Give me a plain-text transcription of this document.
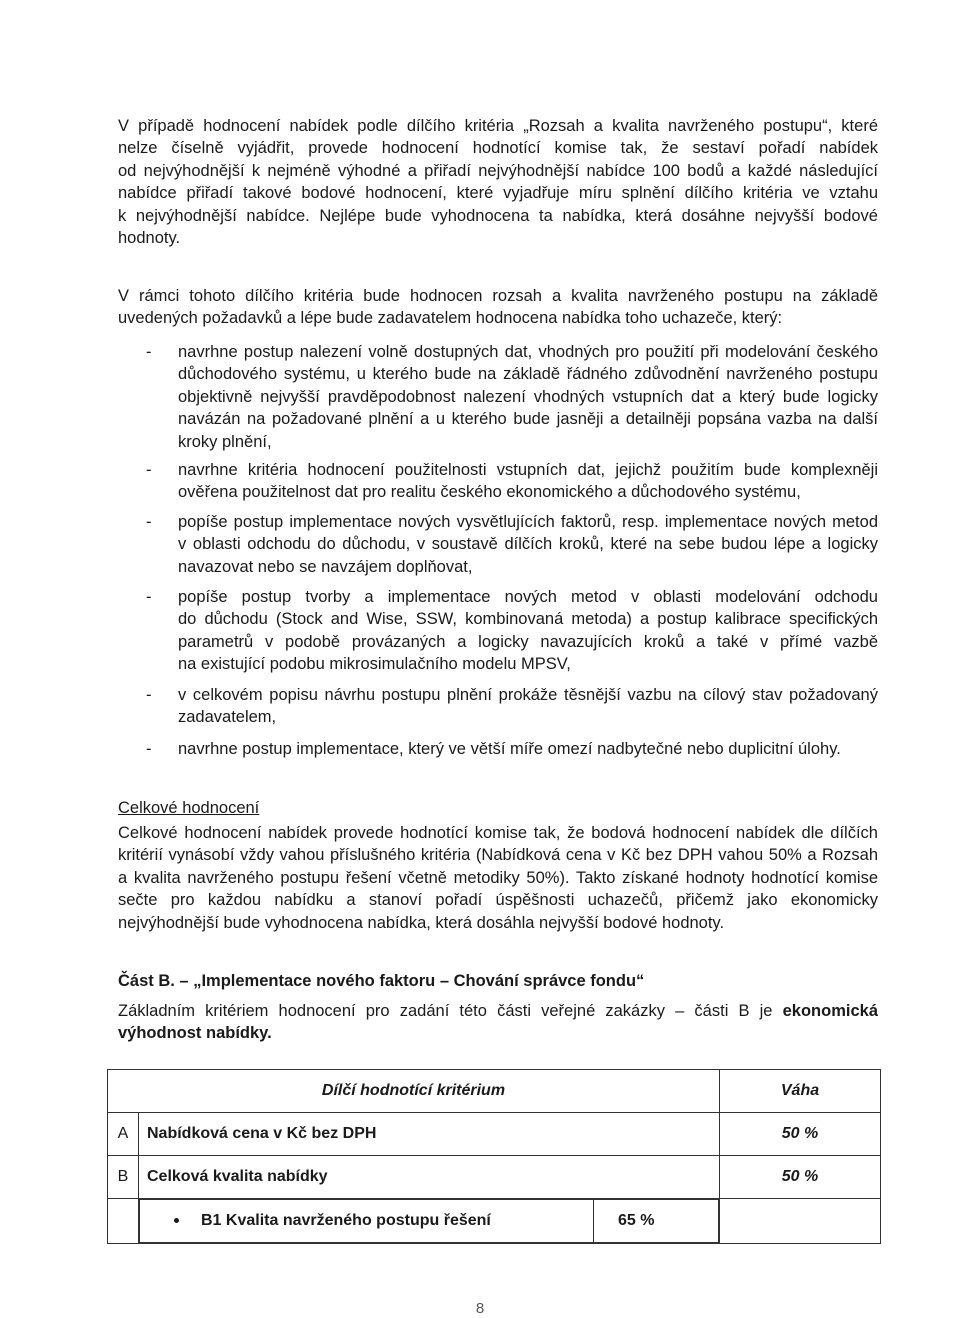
V případě hodnocení nabídek podle dílčího kritéria „Rozsah a kvalita navrženého postupu“, které
nelze číselně vyjádřit, provede hodnocení hodnotící komise tak, že sestaví pořadí nabídek
od nejvýhodnější k nejméně výhodné a přiřadí nejvýhodnější nabídce 100 bodů a každé následující
nabídce přiřadí takové bodové hodnocení, které vyjadřuje míru splnění dílčího kritéria ve vztahu
k nejvýhodnější nabídce. Nejlépe bude vyhodnocena ta nabídka, která dosáhne nejvyšší bodové
hodnoty.
V rámci tohoto dílčího kritéria bude hodnocen rozsah a kvalita navrženého postupu na základě
uvedených požadavků a lépe bude zadavatelem hodnocena nabídka toho uchazeče, který:
- navrhne postup nalezení volně dostupných dat, vhodných pro použití při modelování českého
důchodového systému, u kterého bude na základě řádného zdůvodnění navrženého postupu
objektivně nejvyšší pravděpodobnost nalezení vhodných vstupních dat a který bude logicky
navázán na požadované plnění a u kterého bude jasněji a detailněji popsána vazba na další
kroky plnění,
- navrhne kritéria hodnocení použitelnosti vstupních dat, jejichž použitím bude komplexněji
ověřena použitelnost dat pro realitu českého ekonomického a důchodového systému,
- popíše postup implementace nových vysvětlujících faktorů, resp. implementace nových metod
v oblasti odchodu do důchodu, v soustavě dílčích kroků, které na sebe budou lépe a logicky
navazovat nebo se navzájem doplňovat,
- popíše postup tvorby a implementace nových metod v oblasti modelování odchodu
do důchodu (Stock and Wise, SSW, kombinovaná metoda) a postup kalibrace specifických
parametrů v podobě provázaných a logicky navazujících kroků a také v přímé vazbě
na existující podobu mikrosimulačního modelu MPSV,
- v celkovém popisu návrhu postupu plnění prokáže těsnější vazbu na cílový stav požadovaný
zadavatelem,
- navrhne postup implementace, který ve větší míře omezí nadbytečné nebo duplicitní úlohy.
Celkové hodnocení
Celkové hodnocení nabídek provede hodnotící komise tak, že bodová hodnocení nabídek dle dílčích
kritérií vynásobí vždy vahou příslušného kritéria (Nabídková cena v Kč bez DPH vahou 50% a Rozsah
a kvalita navrženého postupu řešení včetně metodiky 50%). Takto získané hodnoty hodnotící komise
sečte pro každou nabídku a stanoví pořadí úspěšnosti uchazečů, přičemž jako ekonomicky
nejvýhodnější bude vyhodnocena nabídka, která dosáhla nejvyšší bodové hodnoty.
Část B. – „Implementace nového faktoru – Chování správce fondu“
Základním kritériem hodnocení pro zadání této části veřejné zakázky – části B je ekonomická
výhodnost nabídky.
Dílčí hodnotící kritérium	Váha
A	Nabídková cena v Kč bez DPH	50 %
B	Celková kvalita nabídky	50 %

B1 Kvalita navrženého postupu řešení	65 %

8
